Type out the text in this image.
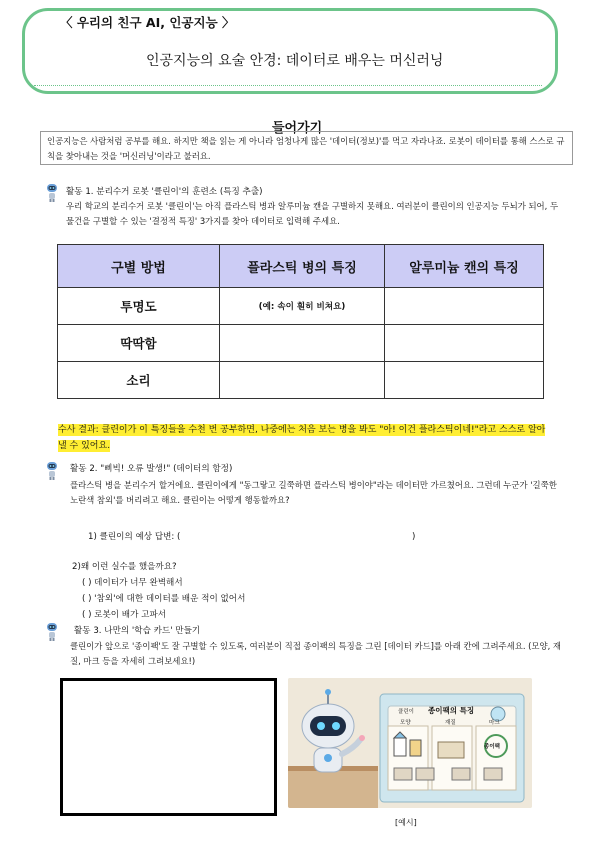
〈 우리의 친구 AI, 인공지능 〉
인공지능의 요술 안경: 데이터로 배우는 머신러닝
들어가기
인공지능은 사람처럼 공부를 해요. 하지만 책을 읽는 게 아니라 엄청나게 많은 '데이터(정보)'를 먹고 자라나죠. 로봇이 데이터를 통해 스스로 규칙을 찾아내는 것을 '머신러닝'이라고 불러요.
활동 1. 분리수거 로봇 '클린이'의 훈련소 (특징 추출)
우리 학교의 분리수거 로봇 '클린이'는 아직 플라스틱 병과 알루미늄 캔을 구별하지 못해요. 여러분이 클린이의 인공지능 두뇌가 되어, 두 물건을 구별할 수 있는 '결정적 특징' 3가지를 찾아 데이터로 입력해 주세요.
구별 방법	플라스틱 병의 특징	알루미늄 캔의 특징
투명도	(예: 속이 훤히 비쳐요)	
딱딱함		
소리		
수사 결과: 클린이가 이 특징들을 수천 번 공부하면, 나중에는 처음 보는 병을 봐도 "아! 이건 플라스틱이네!"라고 스스로 알아낼 수 있어요.
활동 2. "삐빅! 오류 발생!" (데이터의 함정)
플라스틱 병을 분리수거 할거에요. 클린이에게 "동그랗고 길쭉하면 플라스틱 병이야"라는 데이터만 가르쳤어요. 그런데 누군가 '길쭉한 노란색 참외'를 버리려고 해요. 클린이는 어떻게 행동할까요?
1) 클린이의 예상 답변: (	)
2)왜 이런 실수를 했을까요?
( ) 데이터가 너무 완벽해서
( ) '참외'에 대한 데이터를 배운 적이 없어서
( ) 로봇이 배가 고파서
활동 3. 나만의 '학습 카드' 만들기
클린이가 앞으로 '종이팩'도 잘 구별할 수 있도록, 여러분이 직접 종이팩의 특징을 그린 [데이터 카드]를 아래 칸에 그려주세요. (모양, 재질, 마크 등을 자세히 그려보세요!)
클린이 종이팩의 특징
모양	재질	마크
종이팩
[예시]
